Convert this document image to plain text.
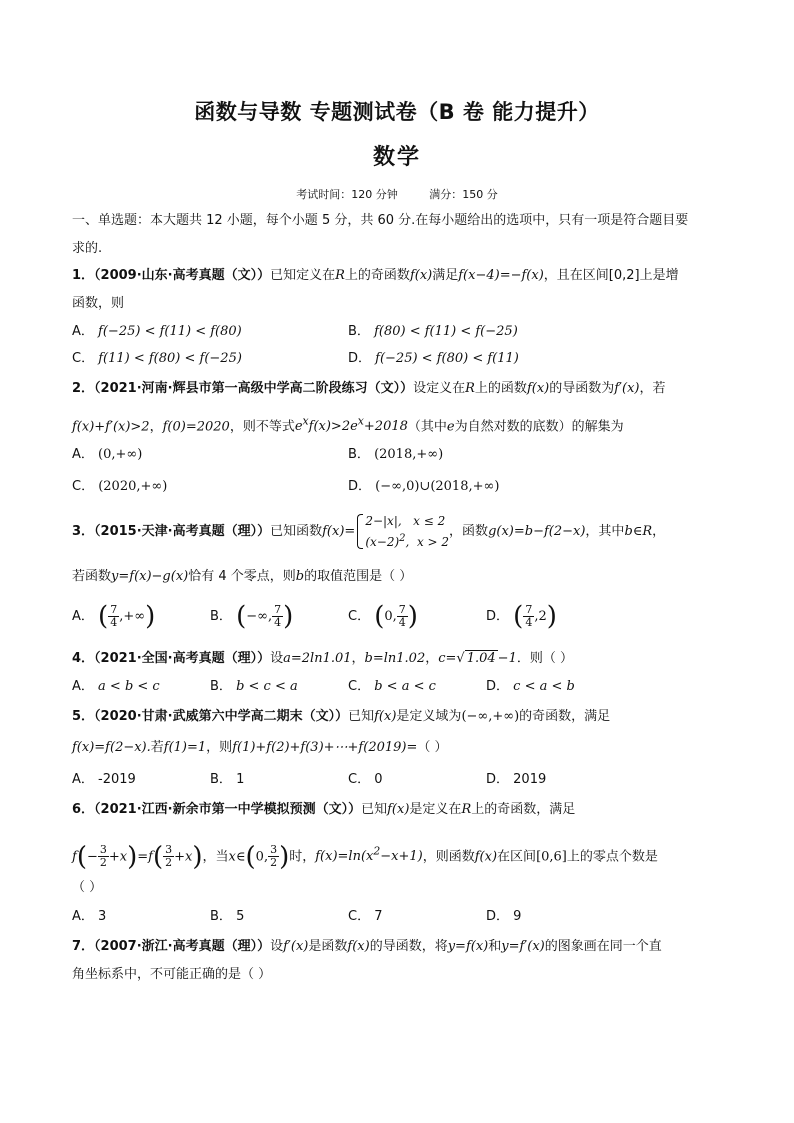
函数与导数 专题测试卷（B 卷 能力提升）
数学
考试时间：120 分钟	满分：150 分
一、单选题：本大题共 12 小题，每个小题 5 分，共 60 分.在每小题给出的选项中，只有一项是符合题目要
求的.
1．（2009·山东·高考真题（文））已知定义在R上的奇函数f(x)满足f(x−4)=−f(x)，且在区间[0,2]上是增
函数，则
A． f(−25) < f(11) < f(80)	B． f(80) < f(11) < f(−25)
C． f(11) < f(80) < f(−25)	D． f(−25) < f(80) < f(11)
2．（2021·河南·辉县市第一高级中学高二阶段练习（文））设定义在R上的函数f(x)的导函数为f′(x)，若
f(x)+f′(x)>2，f(0)=2020，则不等式$e^xf(x)>2e^x+2018$（其中e为自然对数的底数）的解集为
A． (0,+∞)	B． (2018,+∞)
C． (2020,+∞)	D． (−∞,0)∪(2018,+∞)
3．（2015·天津·高考真题（理））已知函数f(x)=
2−|x|,   x ≤ 2
$(x-2)^2$,  x > 2
，函数g(x)=b−f(2−x)，其中b∈R，
若函数y=f(x)−g(x)恰有 4 个零点，则b的取值范围是（ ）
A． ( $\frac{7}{4}$ ,+∞)	B． (−∞, $\frac{7}{4}$ )	C． (0, $\frac{7}{4}$ )	D． ( $\frac{7}{4} ,2$)
4．（2021·全国·高考真题（理））设a=2ln1.01，b=ln1.02，c=√ 1.04 −1．则（ ）
A． a < b < c	B． b < c < a	C． b < a < c	D． c < a < b
5．（2020·甘肃·武威第六中学高二期末（文））已知f(x)是定义域为(−∞,+∞)的奇函数，满足
f(x)=f(2−x).若f(1)=1，则f(1)+f(2)+f(3)+⋯+f(2019)=（ ）
A． -2019	B． 1	C． 0	D． 2019
6．（2021·江西·新余市第一中学模拟预测（文））已知f(x)是定义在R上的奇函数，满足
$f(- \frac{3}{2} +x)=f( \frac{3}{2} +x)$，当x∈(0, $\frac{3}{2}$ )时，$f(x)=\ln(x^2-x+1)$，则函数f(x)在区间[0,6]上的零点个数是
（ ）
A． 3	B． 5	C． 7	D． 9
7．（2007·浙江·高考真题（理））设f′(x)是函数f(x)的导函数，将y=f(x)和y=f′(x)的图象画在同一个直
角坐标系中，不可能正确的是（ ）
